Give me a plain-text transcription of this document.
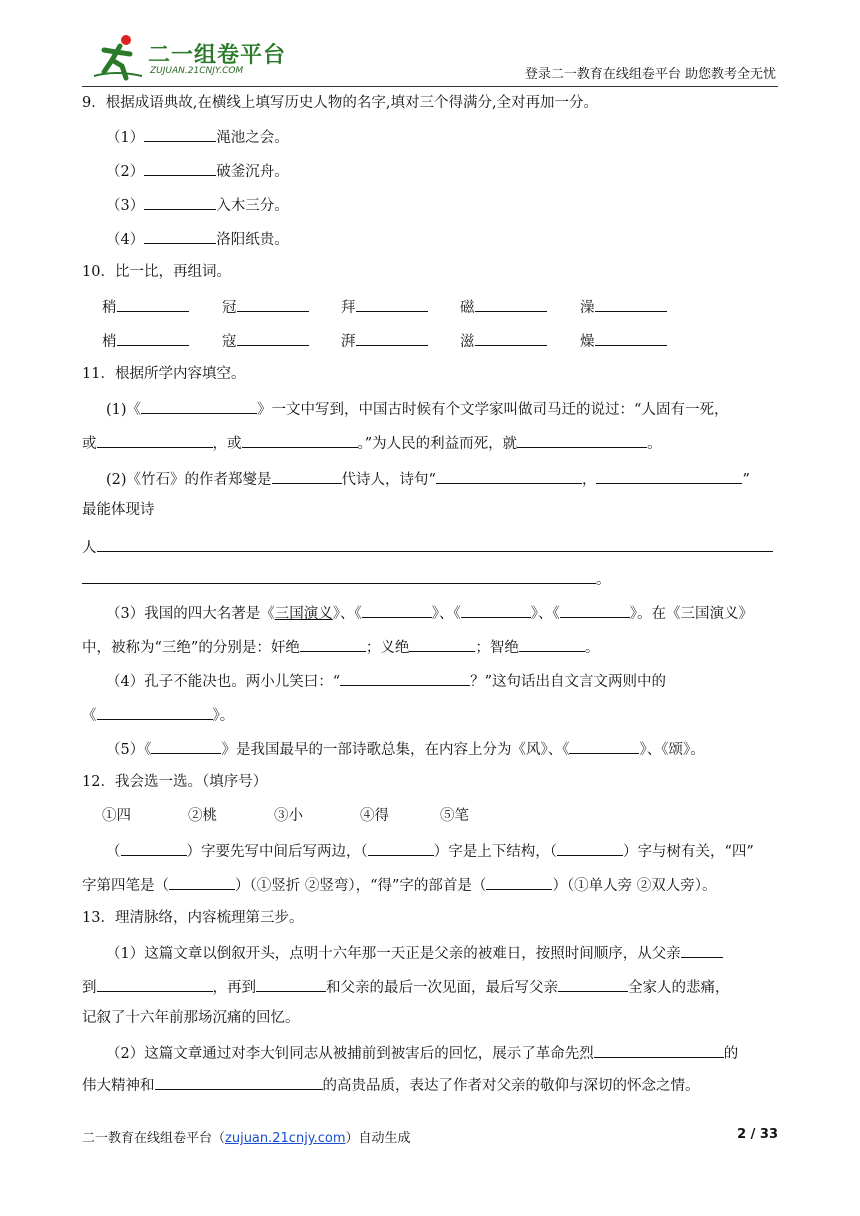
二一组卷平台
ZUJUAN.21CNJY.COM	登录二一教育在线组卷平台 助您教考全无忧
9．根据成语典故,在横线上填写历史人物的名字,填对三个得满分,全对再加一分。
（1）	渑池之会。
（2）	破釜沉舟。
（3）	入木三分。
（4）	洛阳纸贵。
10．比一比，再组词。
稍	冠	拜	磁	澡
梢	寇	湃	滋	燥
11．根据所学内容填空。
(1)《	》一文中写到，中国古时候有个文学家叫做司马迁的说过：“人固有一死，
或	，或	。”为人民的利益而死，就	。
(2)《竹石》的作者郑燮是	代诗人，诗句“	，	”
最能体现诗
人
。
（3）我国的四大名著是《三国演义》、《	》、《	》、《	》。在《三国演义》
中，被称为“三绝”的分别是：奸绝	；义绝	；智绝	。
（4）孔子不能决也。两小儿笑曰：“	？”这句话出自文言文两则中的
《	》。
（5）《	》是我国最早的一部诗歌总集，在内容上分为《风》、《	》、《颂》。
12．我会选一选。（填序号）
①四	②桃	③小	④得	⑤笔
（	）字要先写中间后写两边，（	）字是上下结构，（	）字与树有关，“四”
字第四笔是（	）（①竖折 ②竖弯），“得”字的部首是（	）（①单人旁 ②双人旁）。
13．理清脉络，内容梳理第三步。
（1）这篇文章以倒叙开头，点明十六年那一天正是父亲的被难日，按照时间顺序，从父亲
到	，再到	和父亲的最后一次见面，最后写父亲	全家人的悲痛，
记叙了十六年前那场沉痛的回忆。
（2）这篇文章通过对李大钊同志从被捕前到被害后的回忆，展示了革命先烈	的
伟大精神和	的高贵品质，表达了作者对父亲的敬仰与深切的怀念之情。
二一教育在线组卷平台（zujuan.21cnjy.com）自动生成	2 / 33
